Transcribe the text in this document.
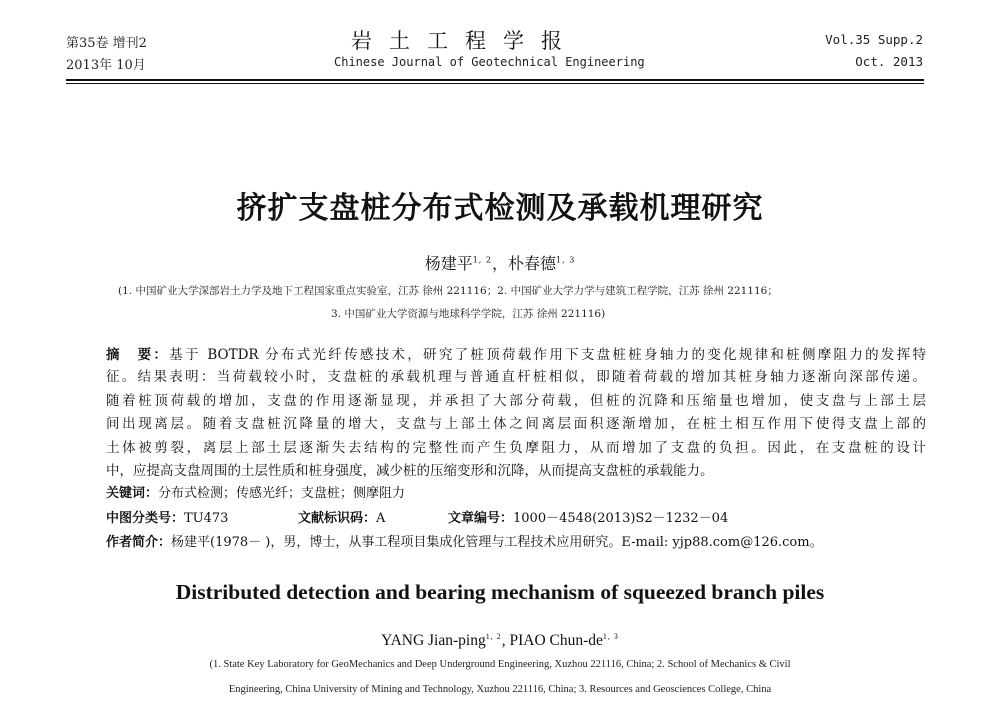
第35卷 增刊2
2013年 10月
岩土工程学报
Chinese Journal of Geotechnical Engineering
Vol.35 Supp.2
Oct. 2013
挤扩支盘桩分布式检测及承载机理研究
杨建平$^{1, 2}$，朴春德$^{1, 3}$
(1. 中国矿业大学深部岩土力学及地下工程国家重点实验室，江苏 徐州 221116；2. 中国矿业大学力学与建筑工程学院，江苏 徐州 221116；
3. 中国矿业大学资源与地球科学学院，江苏 徐州 221116)
摘　要：基于 BOTDR 分布式光纤传感技术，研究了桩顶荷载作用下支盘桩桩身轴力的变化规律和桩侧摩阻力的发挥特
征。结果表明：当荷载较小时，支盘桩的承载机理与普通直杆桩相似，即随着荷载的增加其桩身轴力逐渐向深部传递。
随着桩顶荷载的增加，支盘的作用逐渐显现，并承担了大部分荷载，但桩的沉降和压缩量也增加，使支盘与上部土层
间出现离层。随着支盘桩沉降量的增大，支盘与上部土体之间离层面积逐渐增加，在桩土相互作用下使得支盘上部的
土体被剪裂，离层上部土层逐渐失去结构的完整性而产生负摩阻力，从而增加了支盘的负担。因此，在支盘桩的设计
中，应提高支盘周围的土层性质和桩身强度，减少桩的压缩变形和沉降，从而提高支盘桩的承载能力。
关键词：分布式检测；传感光纤；支盘桩；侧摩阻力
中图分类号：TU473	文献标识码：A	文章编号：1000－4548(2013)S2－1232－04
作者简介：杨建平(1978－ )，男，博士，从事工程项目集成化管理与工程技术应用研究。E-mail: yjp88.com@126.com。
Distributed detection and bearing mechanism of squeezed branch piles
YANG Jian-ping$^{1, 2}$, PIAO Chun-de$^{1, 3}$
(1. State Key Laboratory for GeoMechanics and Deep Underground Engineering, Xuzhou 221116, China; 2. School of Mechanics & Civil
Engineering, China University of Mining and Technology, Xuzhou 221116, China; 3. Resources and Geosciences College, China
